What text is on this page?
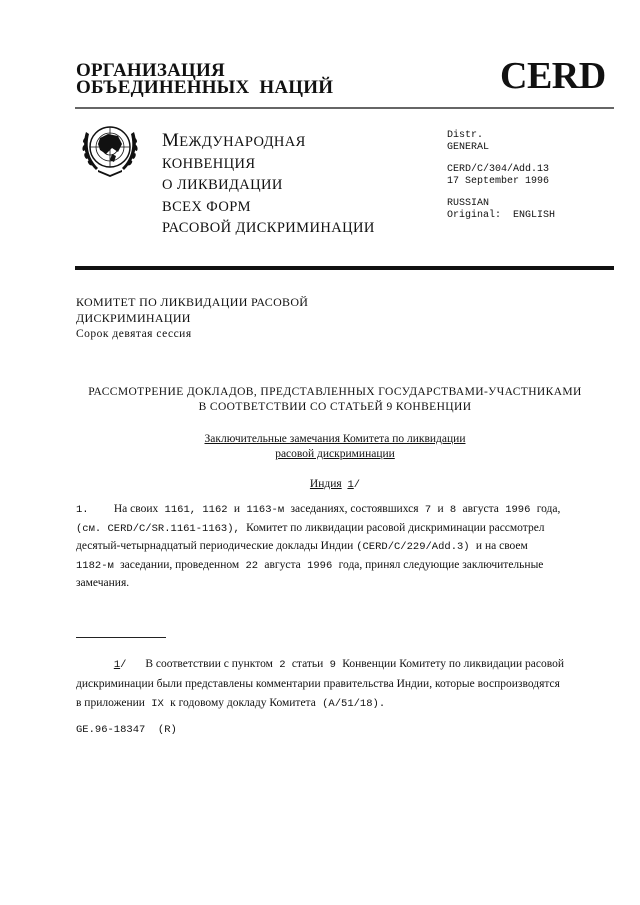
ОРГАНИЗАЦИЯ
ОБЪЕДИНЕННЫХ  НАЦИЙ	CERD
МЕЖДУНАРОДНАЯ
КОНВЕНЦИЯ
О ЛИКВИДАЦИИ
ВСЕХ ФОРМ
РАСОВОЙ ДИСКРИМИНАЦИИ
Distr.
GENERAL
CERD/C/304/Add.13
17 September 1996
RUSSIAN
Original:  ENGLISH
КОМИТЕТ ПО ЛИКВИДАЦИИ РАСОВОЙ
ДИСКРИМИНАЦИИ
Сорок девятая сессия
РАССМОТРЕНИЕ ДОКЛАДОВ, ПРЕДСТАВЛЕННЫХ ГОСУДАРСТВАМИ-УЧАСТНИКАМИ
В СООТВЕТСТВИИ СО СТАТЬЕЙ 9 КОНВЕНЦИИ
Заключительные замечания Комитета по ликвидации
расовой дискриминации
Индия 1/
1. На своих 1161, 1162 и 1163-м заседаниях, состоявшихся 7 и 8 августа 1996 года,
(см. CERD/C/SR.1161-1163), Комитет по ликвидации расовой дискриминации рассмотрел
десятый-четырнадцатый периодические доклады Индии (CERD/C/229/Add.3) и на своем
1182-м заседании, проведенном 22 августа 1996 года, принял следующие заключительные
замечания.
1/ В соответствии с пунктом 2 статьи 9 Конвенции Комитету по ликвидации расовой
дискриминации были представлены комментарии правительства Индии, которые воспроизводятся
в приложении IX к годовому докладу Комитета (A/51/18).
GE.96-18347  (R)
